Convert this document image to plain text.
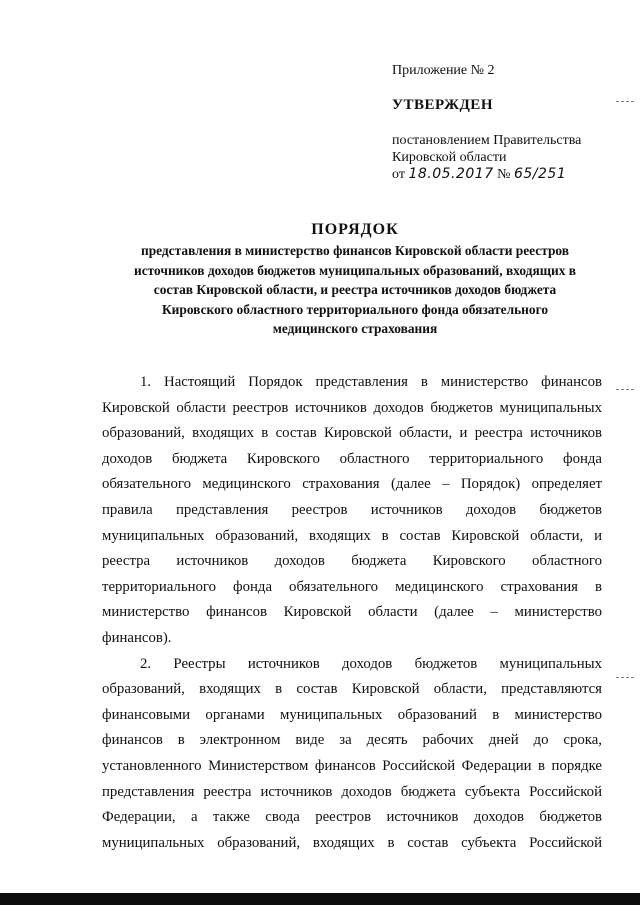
Приложение № 2
УТВЕРЖДЕН
постановлением Правительства
Кировской области
от 18.05.2017 № 65/251
ПОРЯДОК
представления в министерство финансов Кировской области реестров
источников доходов бюджетов муниципальных образований, входящих в
состав Кировской области, и реестра источников доходов бюджета
Кировского областного территориального фонда обязательного
медицинского страхования
1. Настоящий Порядок представления в министерство финансов
Кировской области реестров источников доходов бюджетов муниципальных
образований, входящих в состав Кировской области, и реестра источников
доходов бюджета Кировского областного территориального фонда
обязательного медицинского страхования (далее – Порядок) определяет
правила представления реестров источников доходов бюджетов
муниципальных образований, входящих в состав Кировской области, и
реестра источников доходов бюджета Кировского областного
территориального фонда обязательного медицинского страхования в
министерство финансов Кировской области (далее – министерство
финансов).
2. Реестры источников доходов бюджетов муниципальных
образований, входящих в состав Кировской области, представляются
финансовыми органами муниципальных образований в министерство
финансов в электронном виде за десять рабочих дней до срока,
установленного Министерством финансов Российской Федерации в порядке
представления реестра источников доходов бюджета субъекта Российской
Федерации, а также свода реестров источников доходов бюджетов
муниципальных образований, входящих в состав субъекта Российской
